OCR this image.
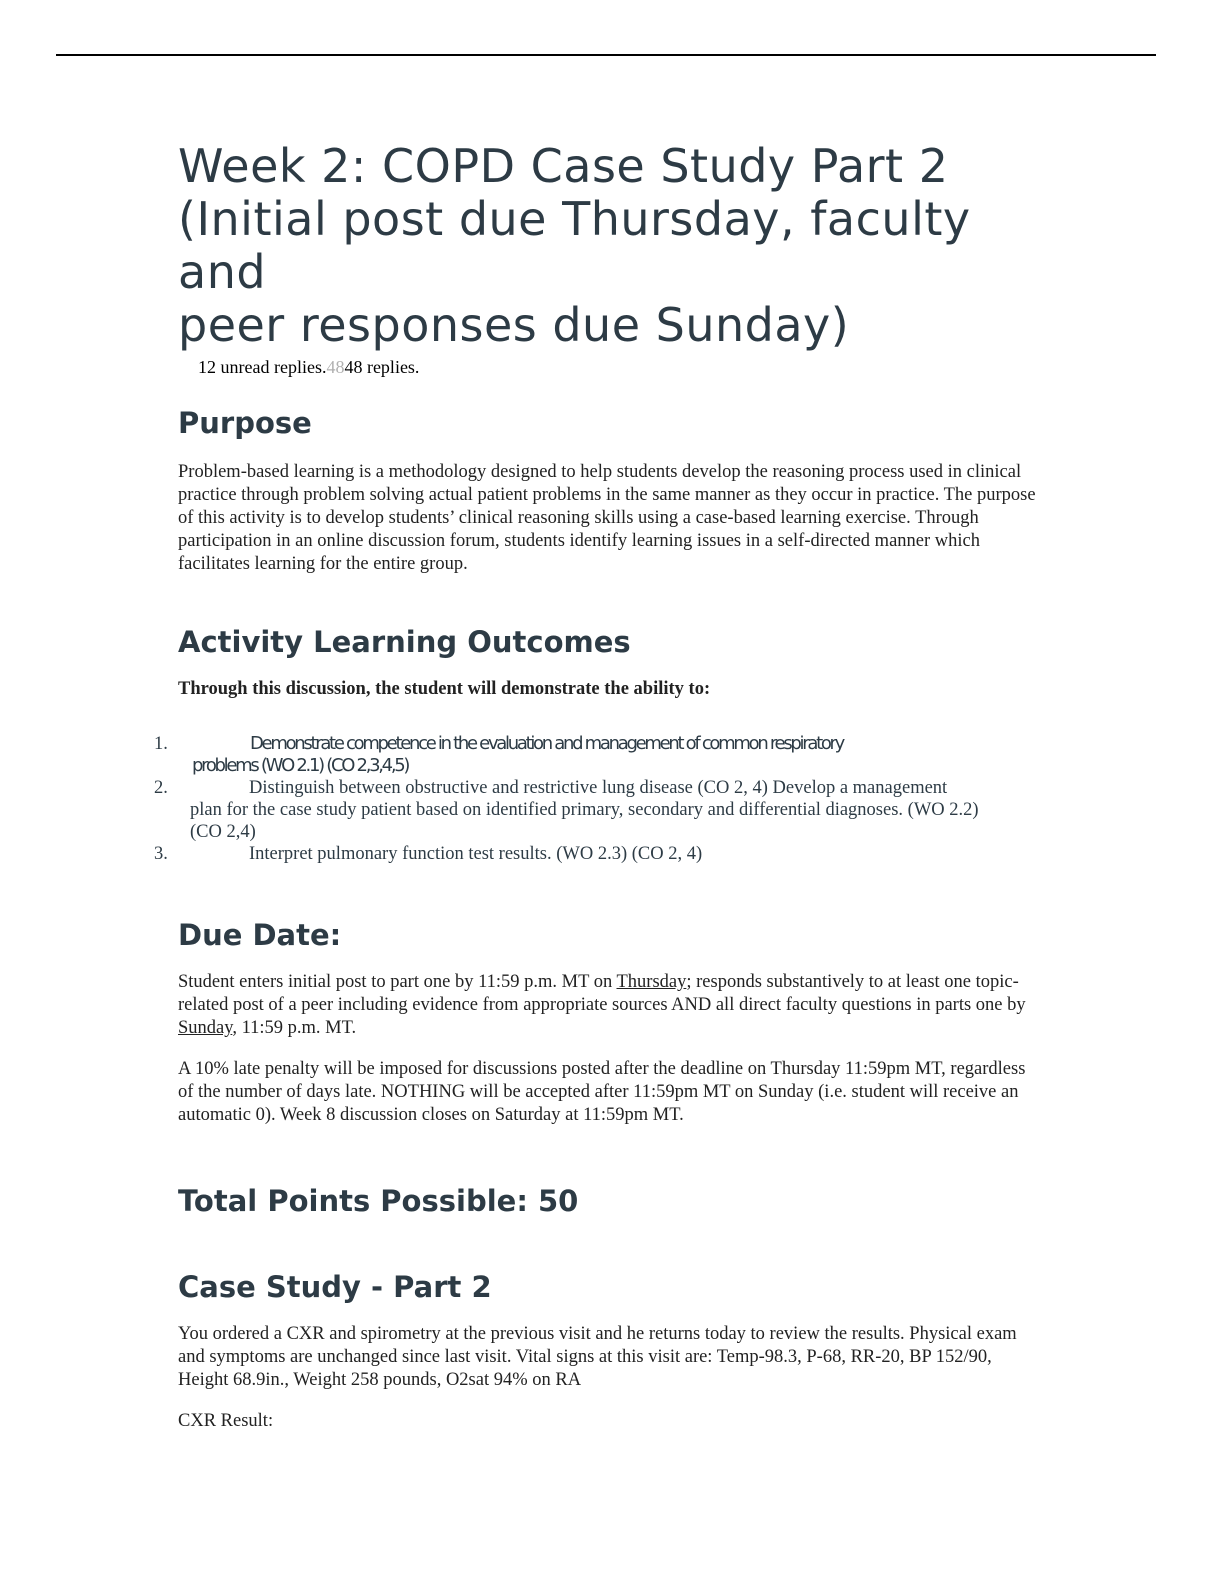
Week 2: COPD Case Study Part 2
(Initial post due Thursday, faculty and
peer responses due Sunday)

12 unread replies.4848 replies.

Purpose

Problem-based learning is a methodology designed to help students develop the reasoning process used in clinical practice through problem solving actual patient problems in the same manner as they occur in practice. The purpose of this activity is to develop students’ clinical reasoning skills using a case-based learning exercise. Through participation in an online discussion forum, students identify learning issues in a self-directed manner which facilitates learning for the entire group.

Activity Learning Outcomes

Through this discussion, the student will demonstrate the ability to:

1.	Demonstrate competence in the evaluation and management of common respiratory
problems (WO 2.1) (CO 2,3,4,5)
2.	Distinguish between obstructive and restrictive lung disease (CO 2, 4) Develop a management
plan for the case study patient based on identified primary, secondary and differential diagnoses. (WO 2.2)
(CO 2,4)
3.	Interpret pulmonary function test results. (WO 2.3) (CO 2, 4)
Due Date:

Student enters initial post to part one by 11:59 p.m. MT on Thursday; responds substantively to at least one topic-related post of a peer including evidence from appropriate sources AND all direct faculty questions in parts one by Sunday, 11:59 p.m. MT.

A 10% late penalty will be imposed for discussions posted after the deadline on Thursday 11:59pm MT, regardless of the number of days late. NOTHING will be accepted after 11:59pm MT on Sunday (i.e. student will receive an automatic 0). Week 8 discussion closes on Saturday at 11:59pm MT.

Total Points Possible: 50
Case Study - Part 2

You ordered a CXR and spirometry at the previous visit and he returns today to review the results. Physical exam and symptoms are unchanged since last visit. Vital signs at this visit are: Temp-98.3, P-68, RR-20, BP 152/90, Height 68.9in., Weight 258 pounds, O2sat 94% on RA

CXR Result:
